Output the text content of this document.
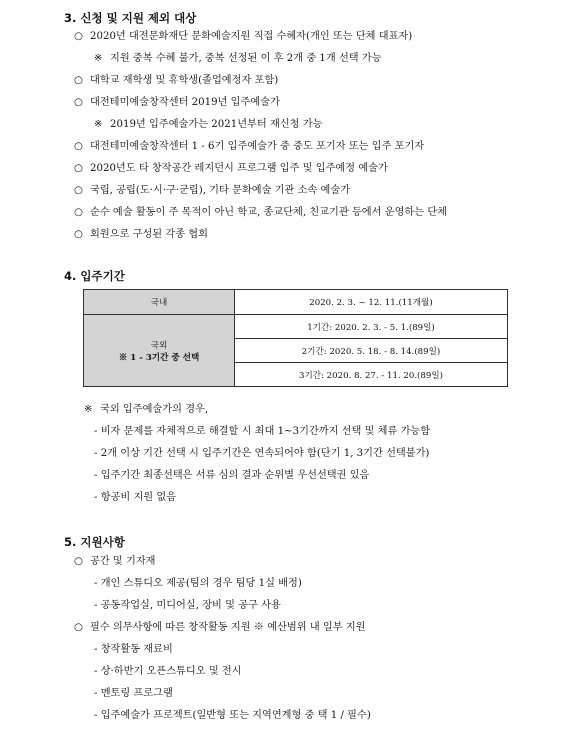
3. 신청 및 지원 제외 대상
○ 2020년 대전문화재단 문화예술지원 직접 수혜자(개인 또는 단체 대표자)
※ 지원 중복 수혜 불가, 중복 선정된 이 후 2개 중 1개 선택 가능
○ 대학교 재학생 및 휴학생(졸업예정자 포함)
○ 대전테미예술창작센터 2019년 입주예술가
※ 2019년 입주예술가는 2021년부터 재신청 가능
○ 대전테미예술창작센터 1 - 6기 입주예술가 중 중도 포기자 또는 입주 포기자
○ 2020년도 타 창작공간 레지던시 프로그램 입주 및 입주예정 예술가
○ 국립, 공립(도·시·구·군립), 기타 문화예술 기관 소속 예술가
○ 순수 예술 활동이 주 목적이 아닌 학교, 종교단체, 친교기관 등에서 운영하는 단체
○ 회원으로 구성된 각종 협회
4. 입주기간
국내	2020. 2. 3. ~ 12. 11.(11개월)
국외
※ 1 - 3기간 중 선택	1기간: 2020. 2. 3. - 5. 1.(89일)
	2기간: 2020. 5. 18. - 8. 14.(89일)
	3기간: 2020. 8. 27. - 11. 20.(89일)
※ 국외 입주예술가의 경우,
- 비자 문제를 자체적으로 해결할 시 최대 1~3기간까지 선택 및 체류 가능함
- 2개 이상 기간 선택 시 입주기간은 연속되어야 함(단기 1, 3기간 선택불가)
- 입주기간 최종선택은 서류 심의 결과 순위별 우선선택권 있음
- 항공비 지원 없음
5. 지원사항
○ 공간 및 기자재
- 개인 스튜디오 제공(팀의 경우 팀당 1실 배정)
- 공동작업실, 미디어실, 장비 및 공구 사용
○ 필수 의무사항에 따른 창작활동 지원 ※ 예산범위 내 일부 지원
- 창작활동 재료비
- 상·하반기 오픈스튜디오 및 전시
- 멘토링 프로그램
- 입주예술가 프로젝트(일반형 또는 지역연계형 중 택 1 / 필수)
